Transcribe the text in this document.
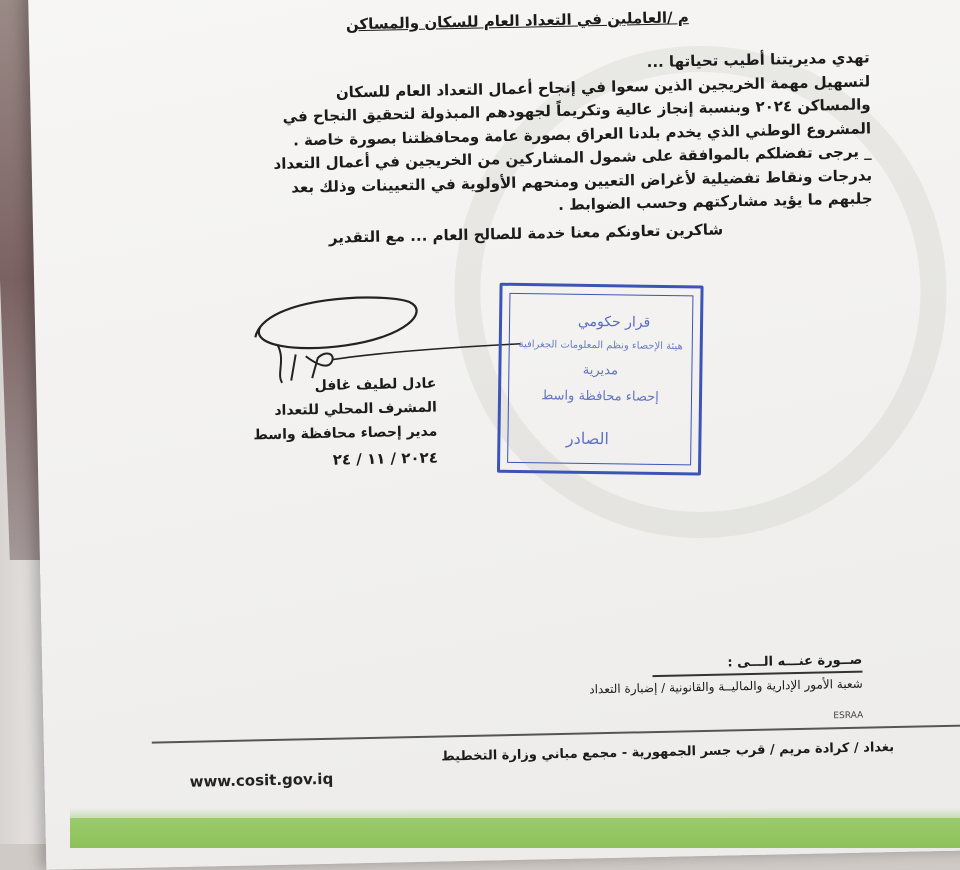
م /العاملين في التعداد العام للسكان والمساكن

تهدي مديريتنا أطيب تحياتها ...

لتسهيل مهمة الخريجين الذين سعوا في إنجاح أعمال التعداد العام للسكان والمساكن ٢٠٢٤ وبنسبة إنجاز عالية وتكريماً لجهودهم المبذولة لتحقيق النجاح في المشروع الوطني الذي يخدم بلدنا العراق بصورة عامة ومحافظتنا بصورة خاصة .

_ يرجى تفضلكم بالموافقة على شمول المشاركين من الخريجين في أعمال التعداد بدرجات ونقاط تفضيلية لأغراض التعيين ومنحهم الأولوية في التعيينات وذلك بعد جلبهم ما يؤيد مشاركتهم وحسب الضوابط .

شاكرين تعاونكم معنا خدمة للصالح العام ... مع التقدير

قرار حكومي
هيئة الإحصاء ونظم المعلومات الجغرافية
مديرية
إحصاء محافظة واسط
الصادر
عادل لطيف غافل
المشرف المحلي للتعداد
مدير إحصاء محافظة واسط
٢٠٢٤ / ١١ / ٢٤
صــورة عنـــه الـــى :
شعبة الأمور الإدارية والماليــة والقانونية / إضبارة التعداد
ESRAA
بغداد / كرادة مريم / قرب جسر الجمهورية - مجمع مباني وزارة التخطيط
www.cosit.gov.iq
